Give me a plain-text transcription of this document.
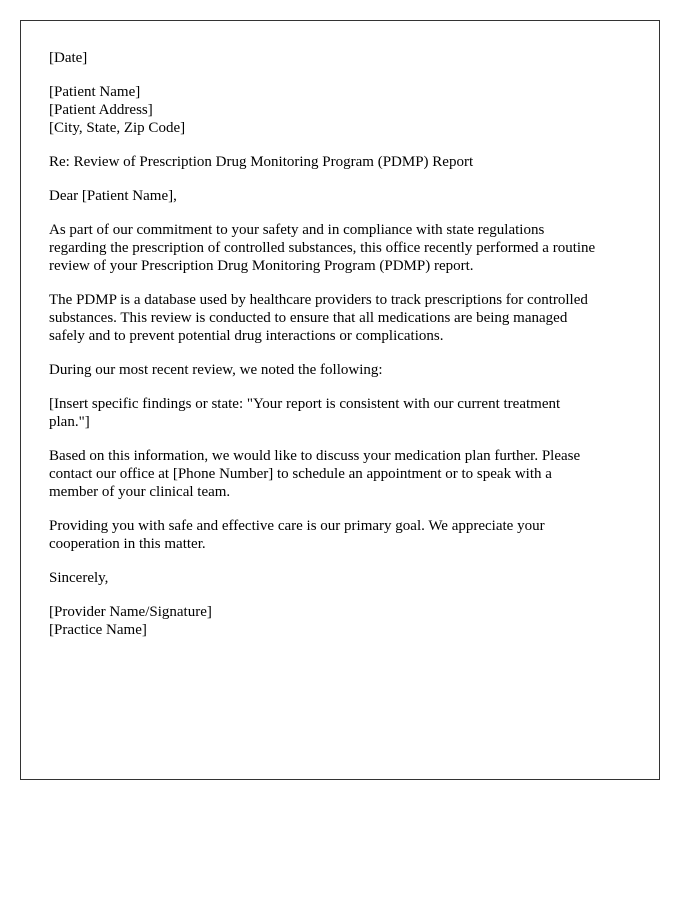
[Date]

[Patient Name]
[Patient Address]
[City, State, Zip Code]

Re: Review of Prescription Drug Monitoring Program (PDMP) Report

Dear [Patient Name],

As part of our commitment to your safety and in compliance with state regulations
regarding the prescription of controlled substances, this office recently performed a routine
review of your Prescription Drug Monitoring Program (PDMP) report.

The PDMP is a database used by healthcare providers to track prescriptions for controlled
substances. This review is conducted to ensure that all medications are being managed
safely and to prevent potential drug interactions or complications.

During our most recent review, we noted the following:

[Insert specific findings or state: "Your report is consistent with our current treatment
plan."]

Based on this information, we would like to discuss your medication plan further. Please
contact our office at [Phone Number] to schedule an appointment or to speak with a
member of your clinical team.

Providing you with safe and effective care is our primary goal. We appreciate your
cooperation in this matter.

Sincerely,

[Provider Name/Signature]
[Practice Name]
